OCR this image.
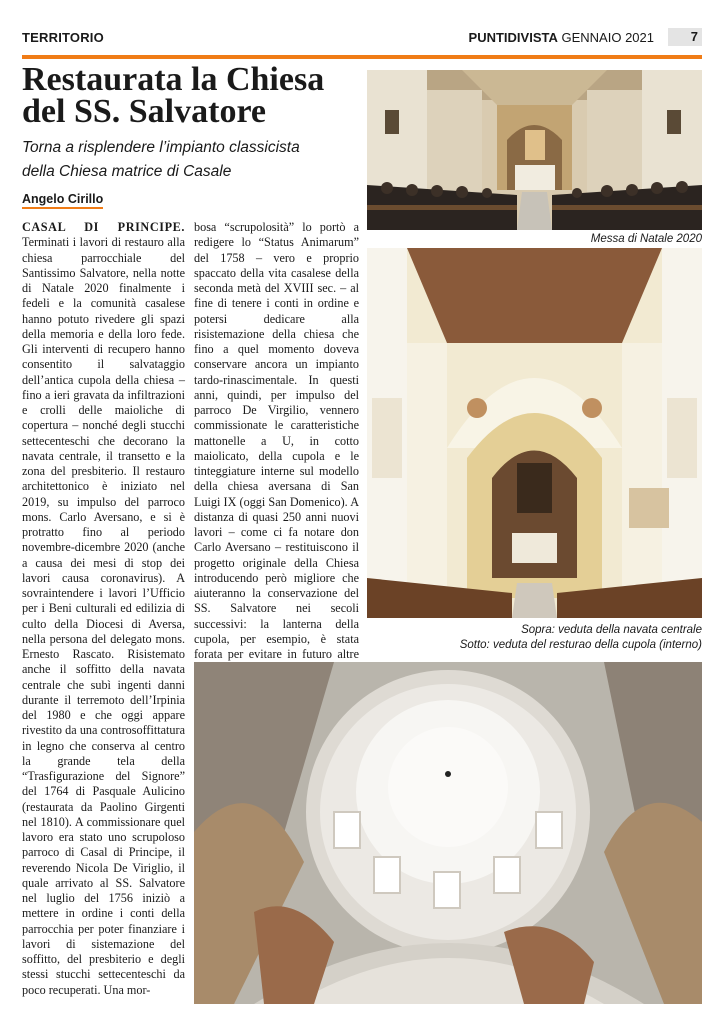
TERRITORIO	PUNTIDIVISTA GENNAIO 2021	7
Restaurata la Chiesa
del SS. Salvatore

Torna a risplendere l’impianto classicista
della Chiesa matrice di Casale

Angelo Cirillo
CASAL DI PRINCIPE. Terminati i lavori di restauro alla chiesa parrocchiale del Santissimo Salvatore, nella notte di Natale 2020 finalmente i fedeli e la comunità casalese hanno potuto rivedere gli spazi della memoria e della loro fede. Gli interventi di recupero hanno consentito il salvataggio dell’antica cupola della chiesa – fino a ieri gravata da infiltrazioni e crolli delle maioliche di copertura – nonché degli stucchi settecenteschi che decorano la navata centrale, il transetto e la zona del presbiterio. Il restauro architettonico è iniziato nel 2019, su impulso del parroco mons. Carlo Aversano, e si è protratto fino al periodo novembre-dicembre 2020 (anche a causa dei mesi di stop dei lavori causa coronavirus). A sovraintendere i lavori l’Ufficio per i Beni culturali ed edilizia di culto della Diocesi di Aversa, nella persona del delegato mons. Ernesto Rascato. Risistemato anche il soffitto della navata centrale che subì ingenti danni durante il terremoto dell’Irpinia del 1980 e che oggi appare rivestito da una controsoffittatura in legno che conserva al centro la grande tela della “Trasfigurazione del Signore” del 1764 di Pasquale Aulicino (restaurata da Paolino Girgenti nel 1810). A commissionare quel lavoro era stato uno scrupoloso parroco di Casal di Principe, il reverendo Nicola De Viriglio, il quale arrivato al SS. Salvatore nel luglio del 1756 iniziò a mettere in ordine i conti della parrocchia per poter finanziare i lavori di sistemazione del soffitto, del presbiterio e degli stessi stucchi settecenteschi da poco recuperati. Una mor-
bosa “scrupolosità” lo portò a redigere lo “Status Animarum” del 1758 – vero e proprio spaccato della vita casalese della seconda metà del XVIII sec. – al fine di tenere i conti in ordine e potersi dedicare alla risistemazione della chiesa che fino a quel momento doveva conservare ancora un impianto tardo-rinascimentale. In questi anni, quindi, per impulso del parroco De Virgilio, vennero commissionate le caratteristiche mattonelle a U, in cotto maiolicato, della cupola e le tinteggiature interne sul modello della chiesa aversana di San Luigi IX (oggi San Domenico). A distanza di quasi 250 anni nuovi lavori – come ci fa notare don Carlo Aversano – restituiscono il progetto originale della Chiesa introducendo però migliore che aiuteranno la conservazione del SS. Salvatore nei secoli successivi: la lanterna della cupola, per esempio, è stata forata per evitare in futuro altre
Messa di Natale 2020
Sopra: veduta della navata centrale
Sotto: veduta del resturao della cupola (interno)
